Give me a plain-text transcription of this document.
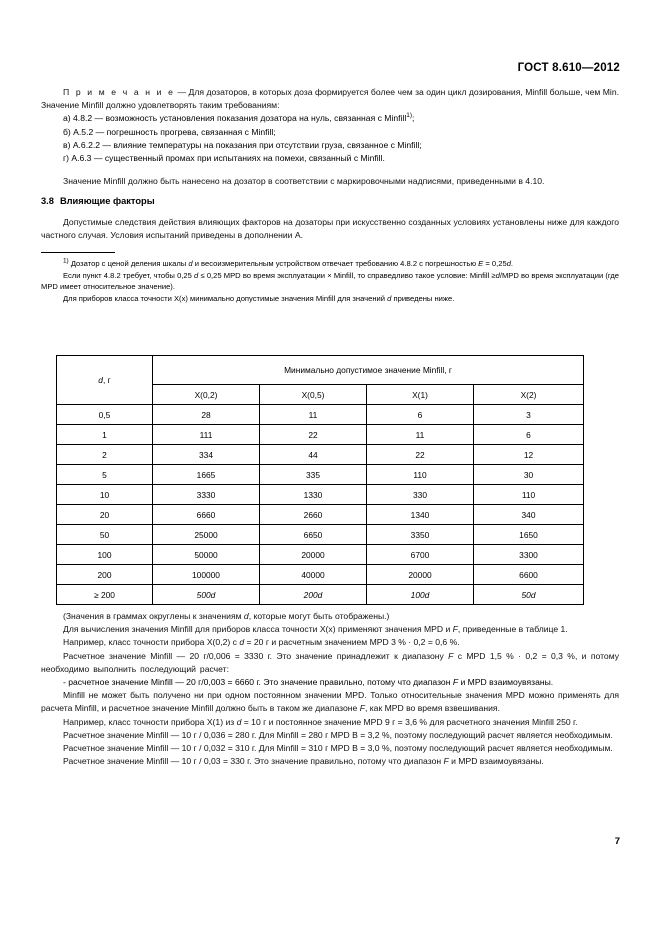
ГОСТ 8.610—2012

П р и м е ч а н и е — Для дозаторов, в которых доза формируется более чем за один цикл дозирования, Minfill больше, чем Min. Значение Minfill должно удовлетворять таким требованиям:

а) 4.8.2 — возможность установления показания дозатора на нуль, связанная с Minfill$^{1)}$;

б) A.5.2 — погрешность прогрева, связанная с Minfill;

в) A.6.2.2 — влияние температуры на показания при отсутствии груза, связанное с Minfill;

г) A.6.3 — существенный промах при испытаниях на помехи, связанный с Minfill.

Значение Minfill должно быть нанесено на дозатор в соответствии с маркировочными надписями, приведенными в 4.10.

3.8 Влияющие факторы

Допустимые следствия действия влияющих факторов на дозаторы при искусственно созданных условиях установлены ниже для каждого частного случая. Условия испытаний приведены в дополнении А.

$^{1)}$ Дозатор с ценой деления шкалы d и весоизмерительным устройством отвечает требованию 4.8.2 с погрешностью E = 0,25d.

Если пункт 4.8.2 требует, чтобы 0,25 d ≤ 0,25 MPD во время эксплуатации × Minfill, то справедливо такое условие: Minfill ≥d/MPD во время эксплуатации (где MPD имеет относительное значение).

Для приборов класса точности X(x) минимально допустимые значения Minfill для значений d приведены ниже.

d, г	Минимально допустимое значение Minfill, г			
	X(0,2)	X(0,5)	X(1)	X(2)
0,5	28	11	6	3
1	111	22	11	6
2	334	44	22	12
5	1665	335	110	30
10	3330	1330	330	110
20	6660	2660	1340	340
50	25000	6650	3350	1650
100	50000	20000	6700	3300
200	100000	40000	20000	6600
≥ 200	500d	200d	100d	50d

(Значения в граммах округлены к значениям d, которые могут быть отображены.)

Для вычисления значения Minfill для приборов класса точности X(x) применяют значения MPD и F, приведенные в таблице 1.

Например, класс точности прибора X(0,2) с d = 20 г и расчетным значением MPD 3 % · 0,2 = 0,6 %.

Расчетное значение Minfill — 20 г/0,006 = 3330 г. Это значение принадлежит к диапазону F с MPD 1,5 % · 0,2 = 0,3 %, и потому необходимо выполнить последующий расчет:

- расчетное значение Minfill — 20 г/0,003 = 6660 г. Это значение правильно, потому что диапазон F и MPD взаимоувязаны.

Minfill не может быть получено ни при одном постоянном значении MPD. Только относительные значения MPD можно применять для расчета Minfill, и расчетное значение Minfill должно быть в таком же диапазоне F, как MPD во время взвешивания.

Например, класс точности прибора X(1) из d = 10 г и постоянное значение MPD 9 г = 3,6 % для расчетного значения Minfill 250 г.

Расчетное значение Minfill — 10 г / 0,036 = 280 г. Для Minfill = 280 г MPD B = 3,2 %, поэтому последующий расчет является необходимым.

Расчетное значение Minfill — 10 г / 0,032 = 310 г. Для Minfill = 310 г MPD B = 3,0 %, поэтому последующий расчет является необходимым.

Расчетное значение Minfill — 10 г / 0,03 = 330 г. Это значение правильно, потому что диапазон F и MPD взаимоувязаны.

7
